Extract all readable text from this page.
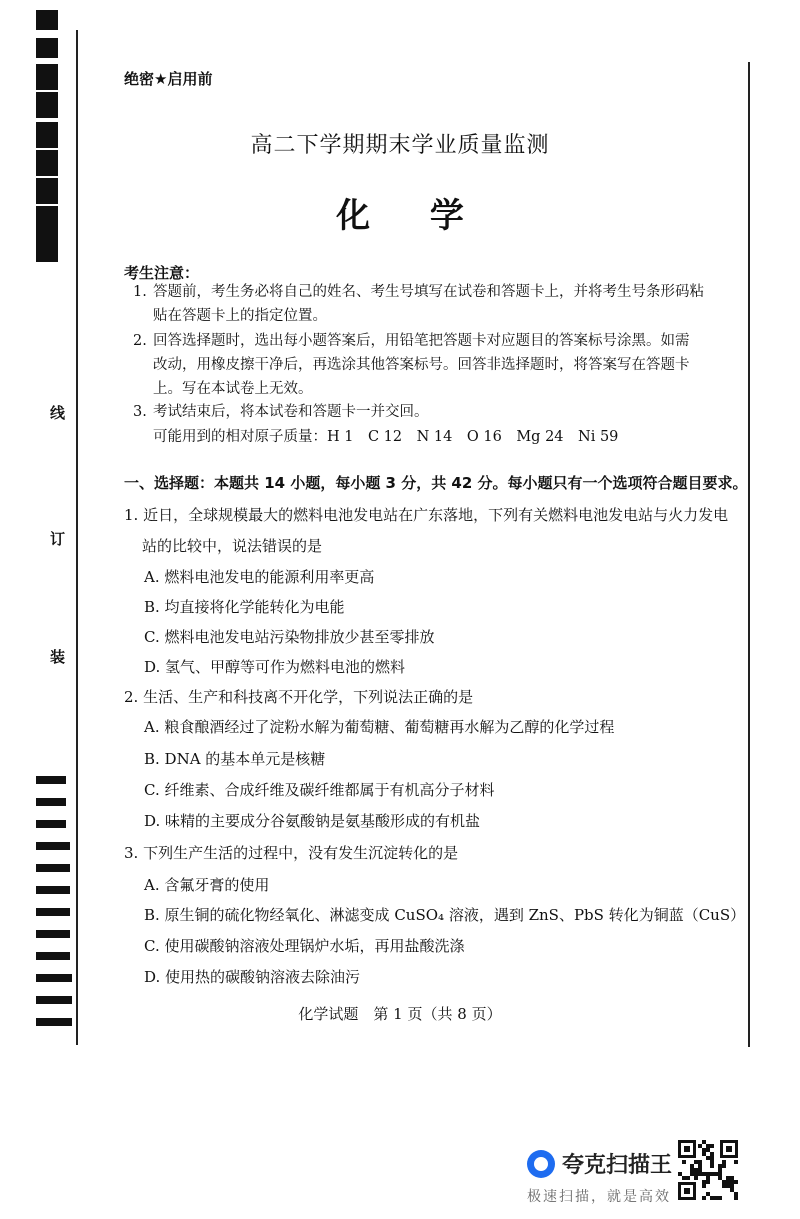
线
订
装
绝密★启用前
高二下学期期末学业质量监测
化 学
考生注意：
1. 答题前，考生务必将自己的姓名、考生号填写在试卷和答题卡上，并将考生号条形码粘
贴在答题卡上的指定位置。
2. 回答选择题时，选出每小题答案后，用铅笔把答题卡对应题目的答案标号涂黑。如需
改动，用橡皮擦干净后，再选涂其他答案标号。回答非选择题时，将答案写在答题卡
上。写在本试卷上无效。
3. 考试结束后，将本试卷和答题卡一并交回。
可能用到的相对原子质量：H 1　C 12　N 14　O 16　Mg 24　Ni 59
一、选择题：本题共 14 小题，每小题 3 分，共 42 分。每小题只有一个选项符合题目要求。
1. 近日，全球规模最大的燃料电池发电站在广东落地，下列有关燃料电池发电站与火力发电
站的比较中，说法错误的是
A. 燃料电池发电的能源利用率更高
B. 均直接将化学能转化为电能
C. 燃料电池发电站污染物排放少甚至零排放
D. 氢气、甲醇等可作为燃料电池的燃料
2. 生活、生产和科技离不开化学，下列说法正确的是
A. 粮食酿酒经过了淀粉水解为葡萄糖、葡萄糖再水解为乙醇的化学过程
B. DNA 的基本单元是核糖
C. 纤维素、合成纤维及碳纤维都属于有机高分子材料
D. 味精的主要成分谷氨酸钠是氨基酸形成的有机盐
3. 下列生产生活的过程中，没有发生沉淀转化的是
A. 含氟牙膏的使用
B. 原生铜的硫化物经氧化、淋滤变成 CuSO₄ 溶液，遇到 ZnS、PbS 转化为铜蓝（CuS）
C. 使用碳酸钠溶液处理锅炉水垢，再用盐酸洗涤
D. 使用热的碳酸钠溶液去除油污
化学试题　第 1 页（共 8 页）
夸克扫描王
极速扫描，就是高效
